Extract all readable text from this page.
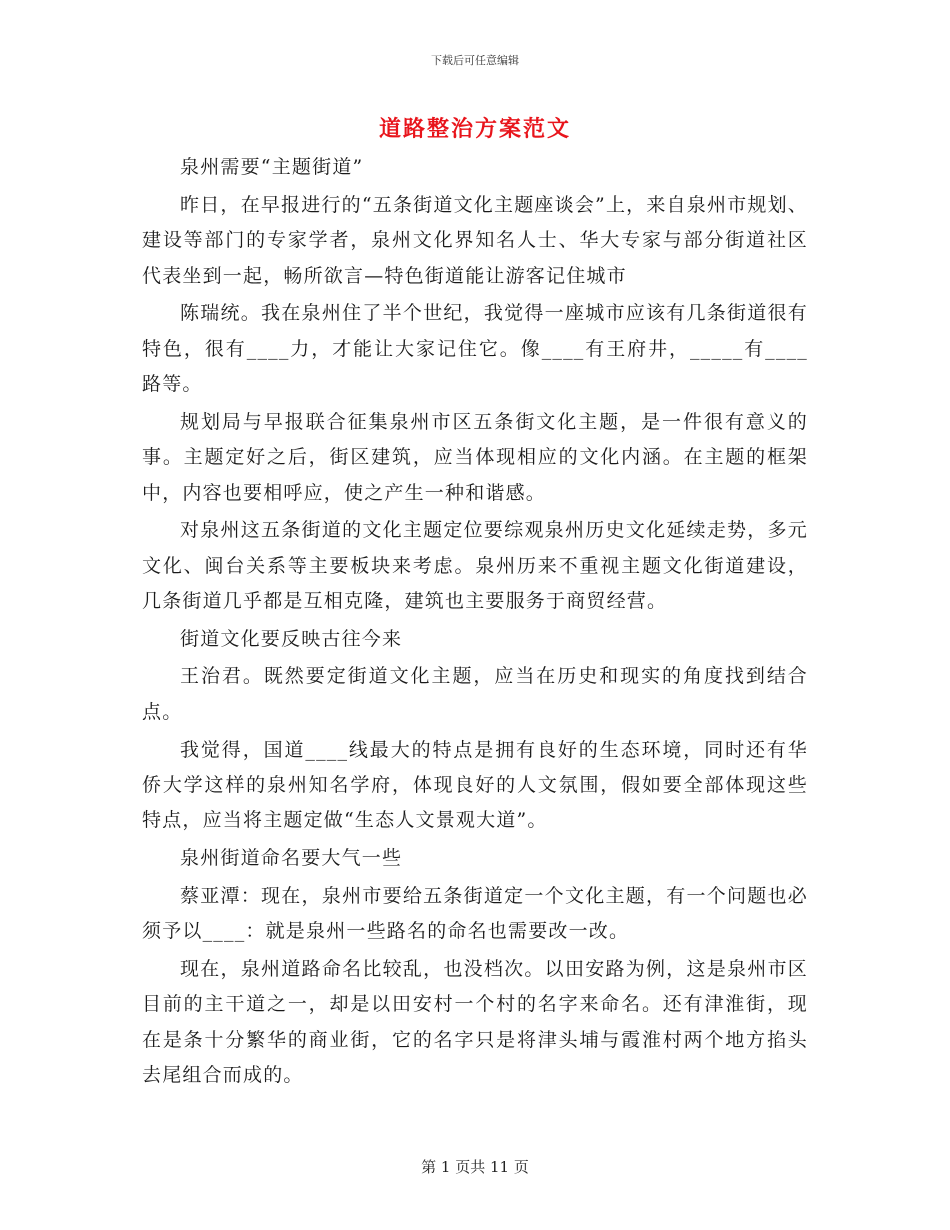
下载后可任意编辑
道路整治方案范文

泉州需要“主题街道”

昨日，在早报进行的“五条街道文化主题座谈会”上，来自泉州市规划、建设等部门的专家学者，泉州文化界知名人士、华大专家与部分街道社区代表坐到一起，畅所欲言—特色街道能让游客记住城市

陈瑞统。我在泉州住了半个世纪，我觉得一座城市应该有几条街道很有特色，很有____力，才能让大家记住它。像____有王府井，_____有____路等。

规划局与早报联合征集泉州市区五条街文化主题，是一件很有意义的事。主题定好之后，街区建筑，应当体现相应的文化内涵。在主题的框架中，内容也要相呼应，使之产生一种和谐感。

对泉州这五条街道的文化主题定位要综观泉州历史文化延续走势，多元文化、闽台关系等主要板块来考虑。泉州历来不重视主题文化街道建设，几条街道几乎都是互相克隆，建筑也主要服务于商贸经营。

街道文化要反映古往今来

王治君。既然要定街道文化主题，应当在历史和现实的角度找到结合点。

我觉得，国道____线最大的特点是拥有良好的生态环境，同时还有华侨大学这样的泉州知名学府，体现良好的人文氛围，假如要全部体现这些特点，应当将主题定做“生态人文景观大道”。

泉州街道命名要大气一些

蔡亚潭：现在，泉州市要给五条街道定一个文化主题，有一个问题也必须予以____：就是泉州一些路名的命名也需要改一改。

现在，泉州道路命名比较乱，也没档次。以田安路为例，这是泉州市区目前的主干道之一，却是以田安村一个村的名字来命名。还有津淮街，现在是条十分繁华的商业街，它的名字只是将津头埔与霞淮村两个地方掐头去尾组合而成的。

第 1 页共 11 页
